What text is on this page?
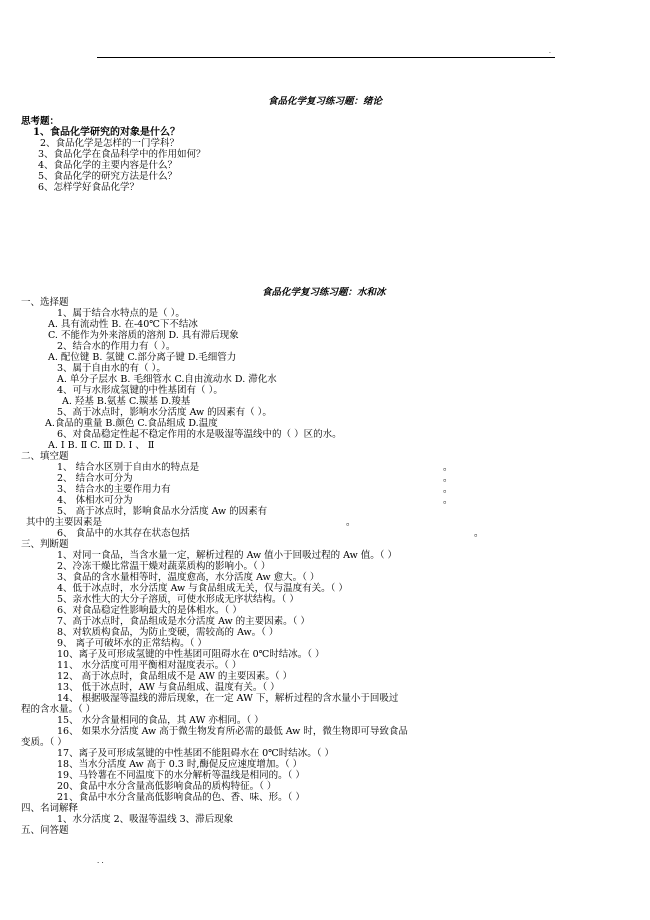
.
食品化学复习练习题：绪论
思考题：
1、食品化学研究的对象是什么？
2、食品化学是怎样的一门学科？
3、食品化学在食品科学中的作用如何？
4、食品化学的主要内容是什么？
5、食品化学的研究方法是什么？
6、怎样学好食品化学？
食品化学复习练习题：水和冰
一、选择题
1、属于结合水特点的是（ ）。
A. 具有流动性 B. 在-40℃下不结冰
C. 不能作为外来溶质的溶剂 D. 具有滞后现象
2、结合水的作用力有（ ）。
A. 配位键 B. 氢键 C.部分离子键 D.毛细管力
3、属于自由水的有（ ）。
A. 单分子层水 B. 毛细管水 C.自由流动水 D. 滞化水
4、可与水形成氢键的中性基团有（ ）。
A. 羟基 B.氨基 C.羰基 D.羧基
5、高于冰点时，影响水分活度 Aw 的因素有（ ）。
A.食品的重量 B.颜色 C.食品组成 D.温度
6、对食品稳定性起不稳定作用的水是吸湿等温线中的（ ）区的水。
A. Ⅰ B. Ⅱ C. Ⅲ D. Ⅰ 、 Ⅱ
二、填空题
1、 结合水区别于自由水的特点是	。
2、 结合水可分为	。
3、 结合水的主要作用力有	。
4、 体相水可分为	。
5、 高于冰点时，影响食品水分活度 Aw 的因素有
其中的主要因素是	。
6、 食品中的水其存在状态包括	。
三、判断题
1、对同一食品，当含水量一定，解析过程的 Aw 值小于回吸过程的 Aw 值。（ ）
2、冷冻干燥比常温干燥对蔬菜质构的影响小。（ ）
3、食品的含水量相等时，温度愈高，水分活度 Aw 愈大。（ ）
4、低于冰点时，水分活度 Aw 与食品组成无关，仅与温度有关。（ ）
5、亲水性大的大分子溶质，可使水形成无序状结构。（ ）
6、对食品稳定性影响最大的是体相水。（ ）
7、高于冰点时，食品组成是水分活度 Aw 的主要因素。（ ）
8、对软质构食品，为防止变硬，需较高的 Aw。（ ）
9、 离子可破坏水的正常结构。（ ）
10、离子及可形成氢键的中性基团可阻碍水在 0℃时结冰。（ ）
11、 水分活度可用平衡相对湿度表示。（ ）
12、 高于冰点时，食品组成不是 AW 的主要因素。（ ）
13、 低于冰点时，AW 与食品组成、温度有关。（ ）
14、 根据吸湿等温线的滞后现象，在一定 AW 下，解析过程的含水量小于回吸过
程的含水量。（ ）
15、 水分含量相同的食品，其 AW 亦相同。（ ）
16、 如果水分活度 Aw 高于微生物发育所必需的最低 Aw 时，微生物即可导致食品
变质。（ ）
17、离子及可形成氢键的中性基团不能阻碍水在 0℃时结冰。（ ）
18、当水分活度 Aw 高于 0.3 时,酶促反应速度增加。（ ）
19、马铃薯在不同温度下的水分解析等温线是相同的。（ ）
20、食品中水分含量高低影响食品的质构特征。（ ）
21、食品中水分含量高低影响食品的色、香、味、形。（ ）
四、名词解释
1、水分活度 2、吸湿等温线 3、滞后现象
五、问答题
. .
